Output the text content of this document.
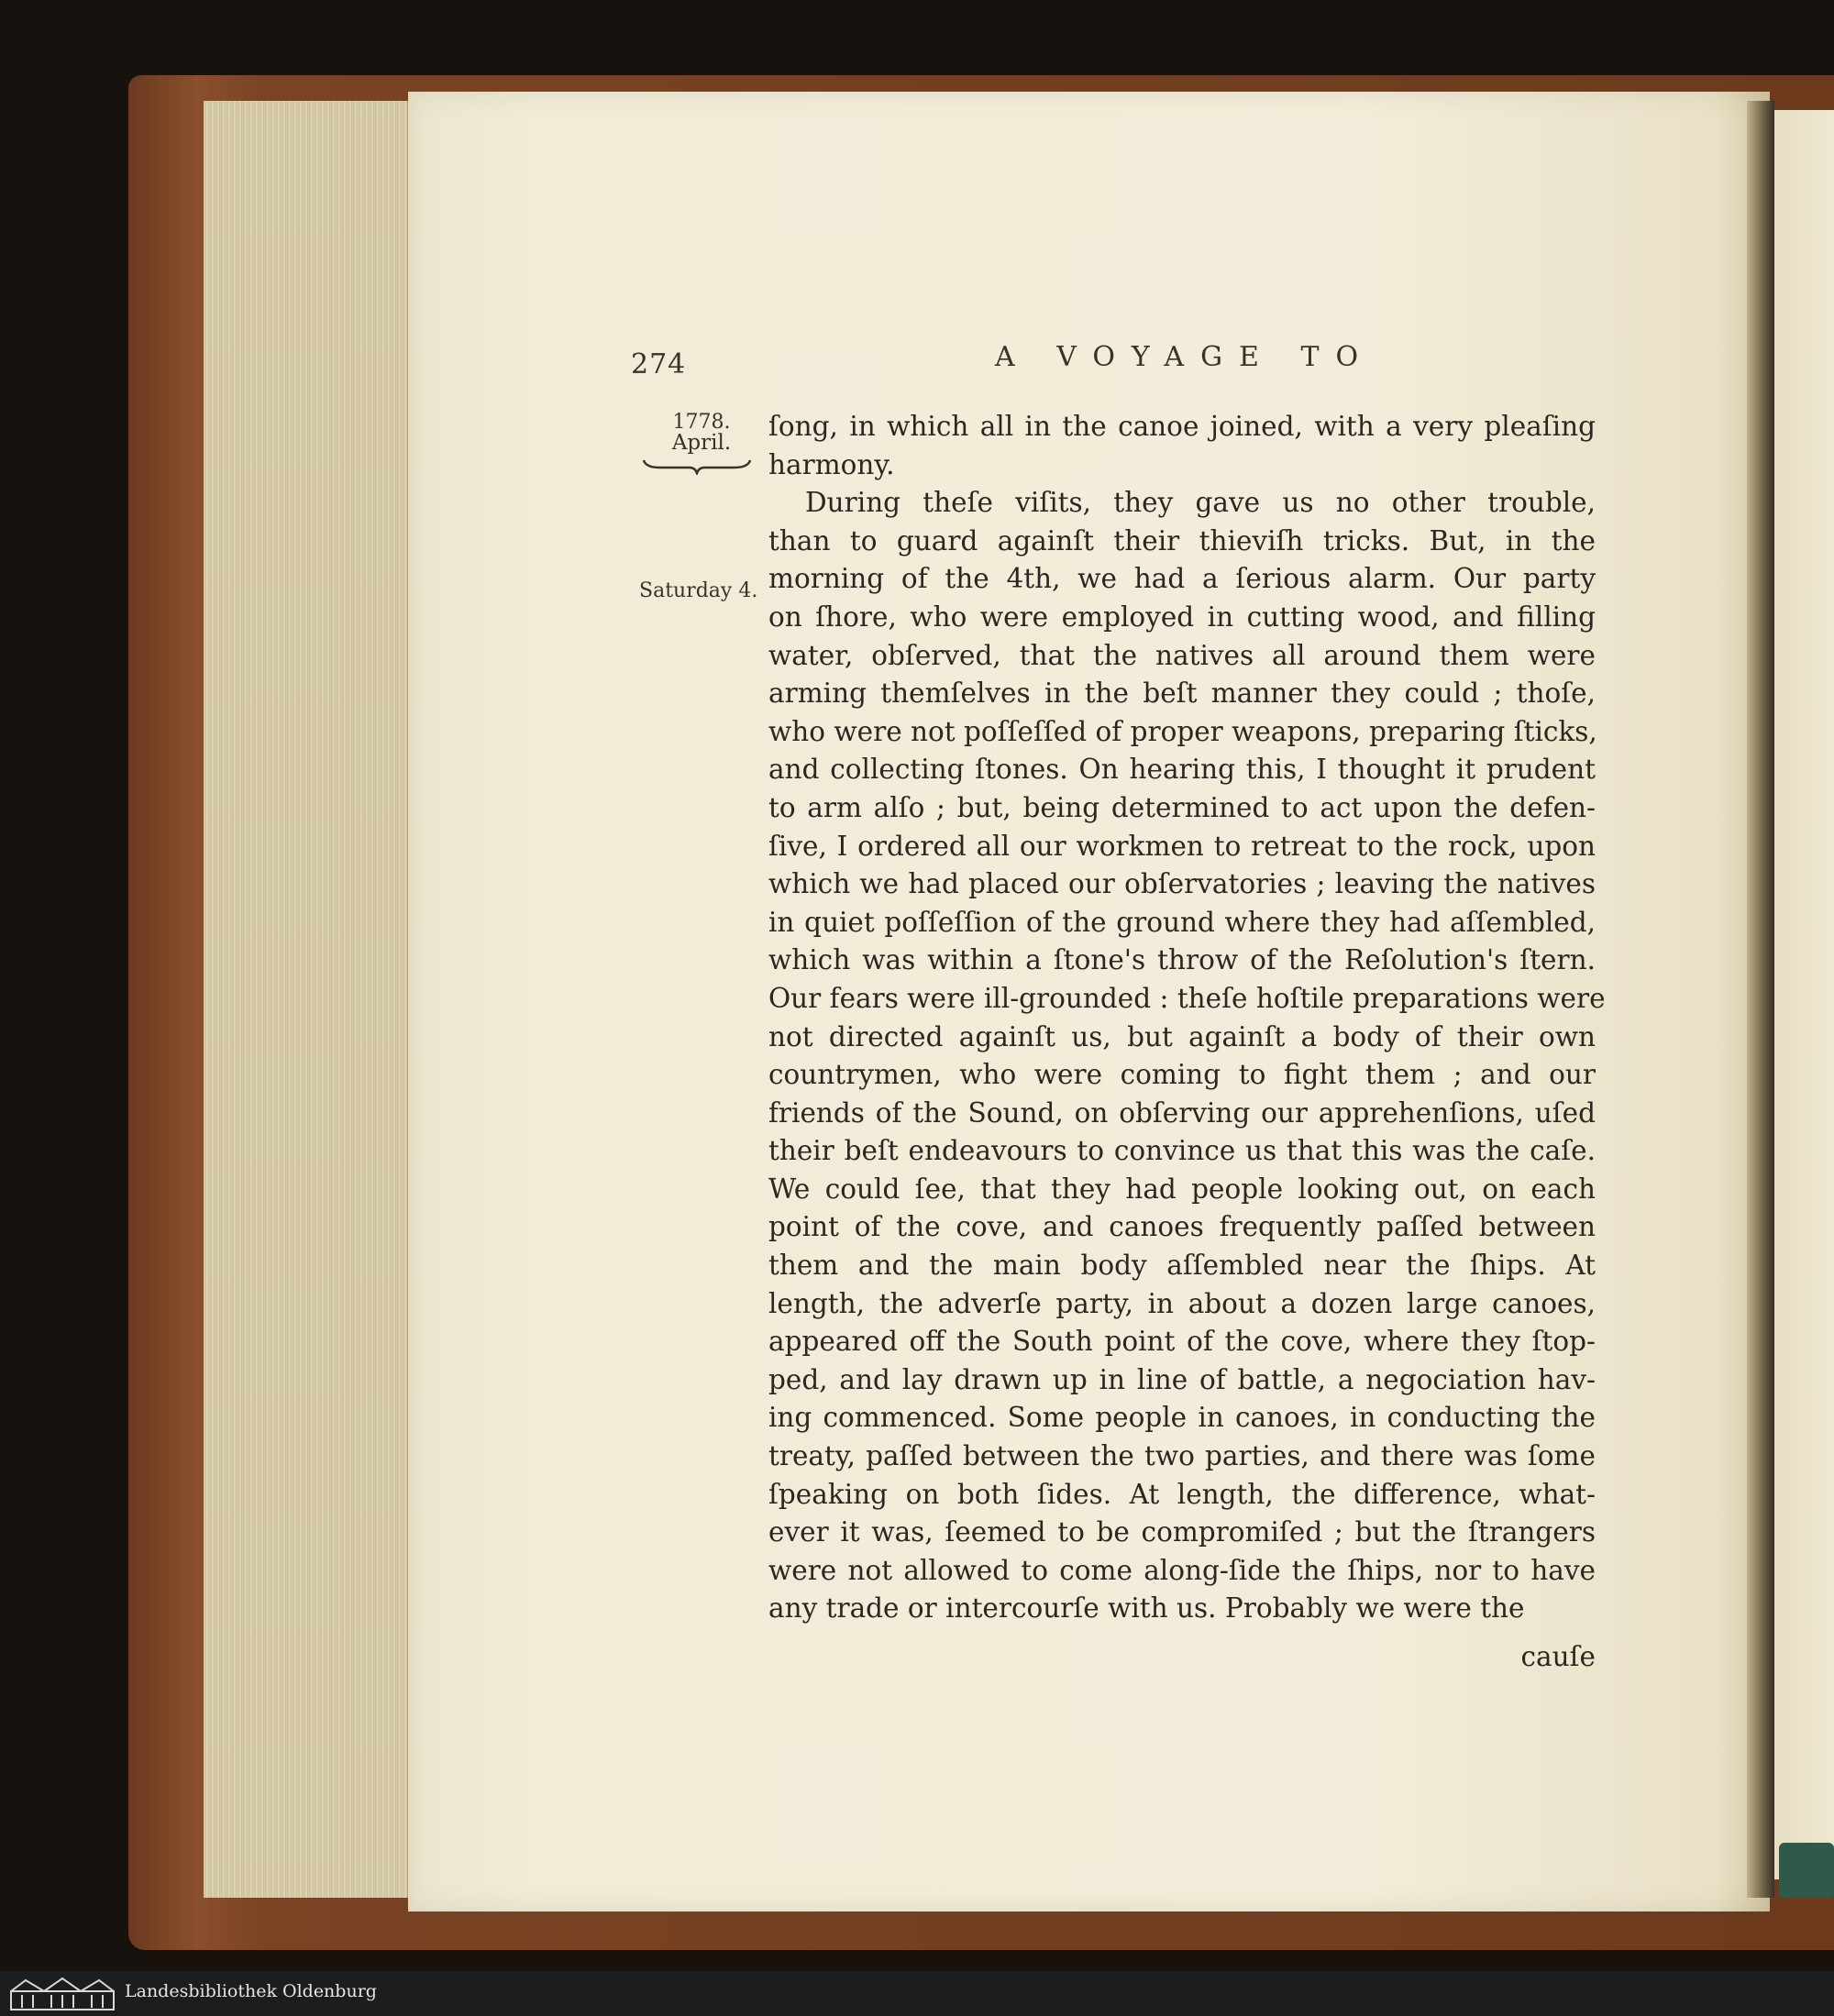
274	A VOYAGE TO
1778.
April.
Saturday 4.
ſong, in which all in the canoe joined, with a very pleaſing
harmony.
During theſe viſits, they gave us no other trouble,
than to guard againſt their thieviſh tricks. But, in the
morning of the 4th, we had a ſerious alarm. Our party
on ſhore, who were employed in cutting wood, and filling
water, obſerved, that the natives all around them were
arming themſelves in the beſt manner they could ; thoſe,
who were not poſſeſſed of proper weapons, preparing ſticks,
and collecting ſtones. On hearing this, I thought it prudent
to arm alſo ; but, being determined to act upon the defen-
ſive, I ordered all our workmen to retreat to the rock, upon
which we had placed our obſervatories ; leaving the natives
in quiet poſſeſſion of the ground where they had aſſembled,
which was within a ſtone's throw of the Reſolution's ſtern.
Our fears were ill-grounded : theſe hoſtile preparations were
not directed againſt us, but againſt a body of their own
countrymen, who were coming to fight them ; and our
friends of the Sound, on obſerving our apprehenſions, uſed
their beſt endeavours to convince us that this was the caſe.
We could ſee, that they had people looking out, on each
point of the cove, and canoes frequently paſſed between
them and the main body aſſembled near the ſhips. At
length, the adverſe party, in about a dozen large canoes,
appeared off the South point of the cove, where they ſtop-
ped, and lay drawn up in line of battle, a negociation hav-
ing commenced. Some people in canoes, in conducting the
treaty, paſſed between the two parties, and there was ſome
ſpeaking on both ſides. At length, the difference, what-
ever it was, ſeemed to be compromiſed ; but the ſtrangers
were not allowed to come along-ſide the ſhips, nor to have
any trade or intercourſe with us. Probably we were the
cauſe
Landesbibliothek Oldenburg
